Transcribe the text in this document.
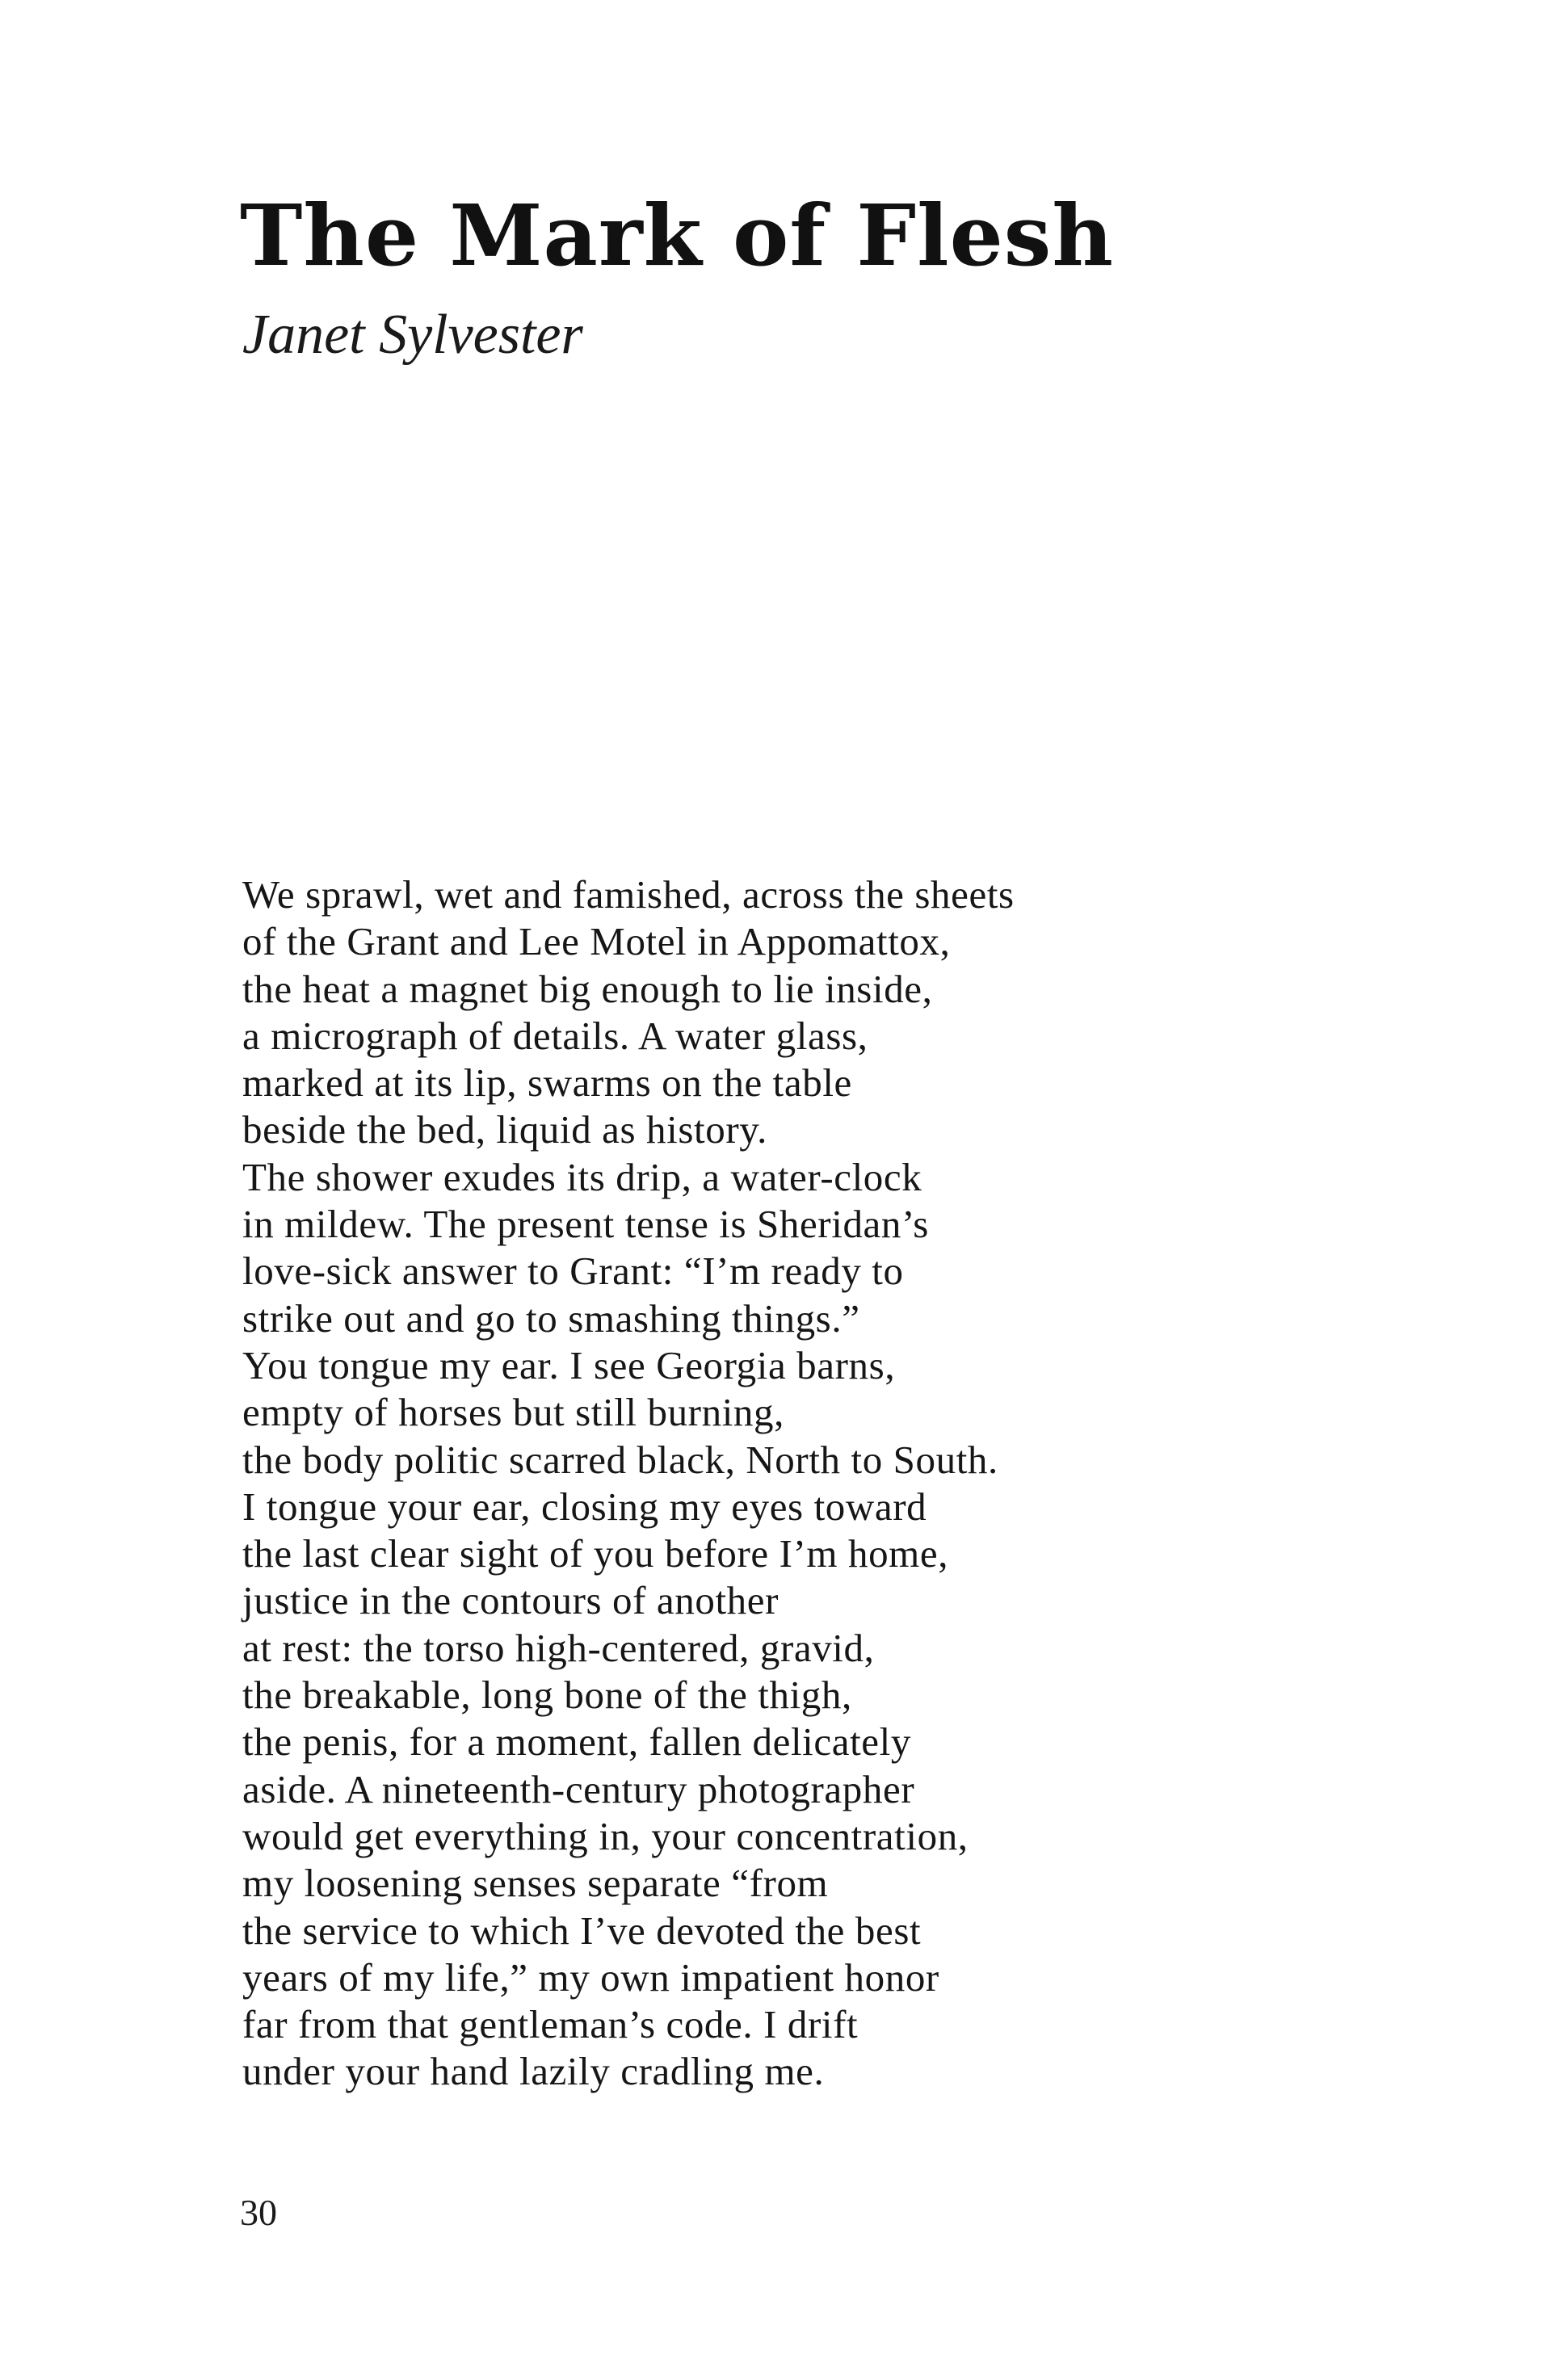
The Mark of Flesh

Janet Sylvester

We sprawl, wet and famished, across the sheets
of the Grant and Lee Motel in Appomattox,
the heat a magnet big enough to lie inside,
a micrograph of details. A water glass,
marked at its lip, swarms on the table
beside the bed, liquid as history.
The shower exudes its drip, a water-clock
in mildew. The present tense is Sheridan’s
love-sick answer to Grant: “I’m ready to
strike out and go to smashing things.”
You tongue my ear. I see Georgia barns,
empty of horses but still burning,
the body politic scarred black, North to South.
I tongue your ear, closing my eyes toward
the last clear sight of you before I’m home,
justice in the contours of another
at rest: the torso high-centered, gravid,
the breakable, long bone of the thigh,
the penis, for a moment, fallen delicately
aside. A nineteenth-century photographer
would get everything in, your concentration,
my loosening senses separate “from
the service to which I’ve devoted the best
years of my life,” my own impatient honor
far from that gentleman’s code. I drift
under your hand lazily cradling me.

30
